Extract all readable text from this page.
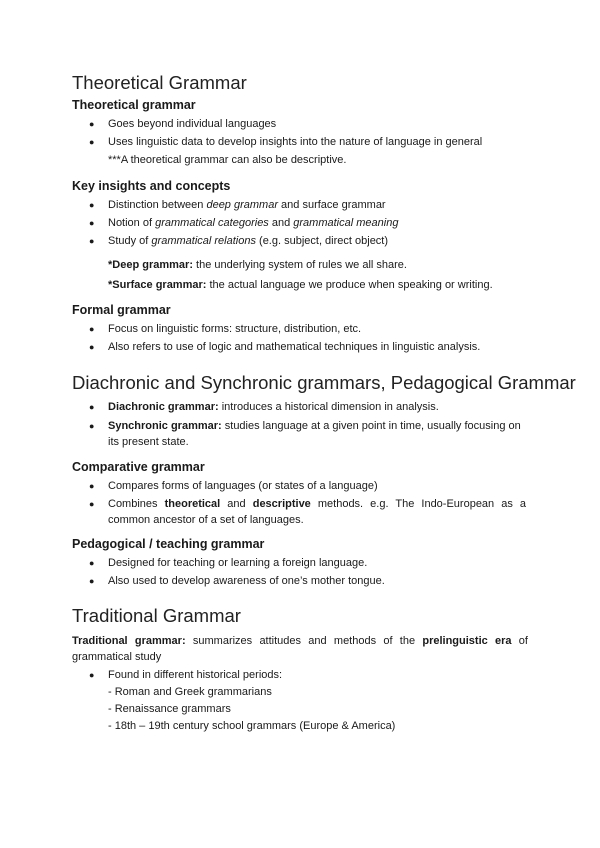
Theoretical Grammar
Theoretical grammar
● Goes beyond individual languages
● Uses linguistic data to develop insights into the nature of language in general
***A theoretical grammar can also be descriptive.
Key insights and concepts
● Distinction between deep grammar and surface grammar
● Notion of grammatical categories and grammatical meaning
● Study of grammatical relations (e.g. subject, direct object)
*Deep grammar: the underlying system of rules we all share.
*Surface grammar: the actual language we produce when speaking or writing.
Formal grammar
● Focus on linguistic forms: structure, distribution, etc.
● Also refers to use of logic and mathematical techniques in linguistic analysis.
Diachronic and Synchronic grammars, Pedagogical Grammar
● Diachronic grammar: introduces a historical dimension in analysis.
● Synchronic grammar: studies language at a given point in time, usually focusing on its present state.
Comparative grammar
● Compares forms of languages (or states of a language)
● Combines theoretical and descriptive methods. e.g. The Indo-European as a common ancestor of a set of languages.
Pedagogical / teaching grammar
● Designed for teaching or learning a foreign language.
● Also used to develop awareness of one’s mother tongue.
Traditional Grammar
Traditional grammar: summarizes attitudes and methods of the prelinguistic era of grammatical study
● Found in different historical periods:
- Roman and Greek grammarians
- Renaissance grammars
- 18th – 19th century school grammars (Europe & America)
